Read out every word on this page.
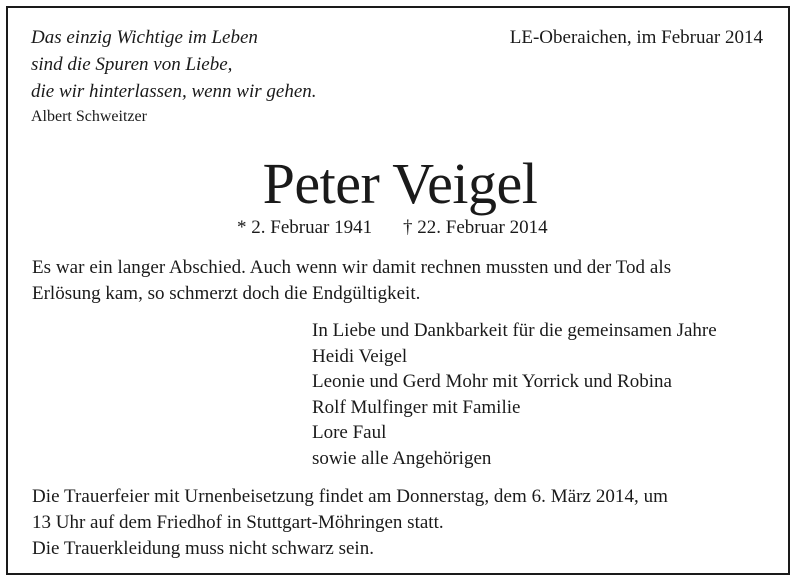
Das einzig Wichtige im Leben
sind die Spuren von Liebe,
die wir hinterlassen, wenn wir gehen.
Albert Schweitzer
LE-Oberaichen, im Februar 2014
Peter Veigel
* 2. Februar 1941 † 22. Februar 2014
Es war ein langer Abschied. Auch wenn wir damit rechnen mussten und der Tod als
Erlösung kam, so schmerzt doch die Endgültigkeit.
In Liebe und Dankbarkeit für die gemeinsamen Jahre
Heidi Veigel
Leonie und Gerd Mohr mit Yorrick und Robina
Rolf Mulfinger mit Familie
Lore Faul
sowie alle Angehörigen
Die Trauerfeier mit Urnenbeisetzung findet am Donnerstag, dem 6. März 2014, um
13 Uhr auf dem Friedhof in Stuttgart-Möhringen statt.
Die Trauerkleidung muss nicht schwarz sein.
